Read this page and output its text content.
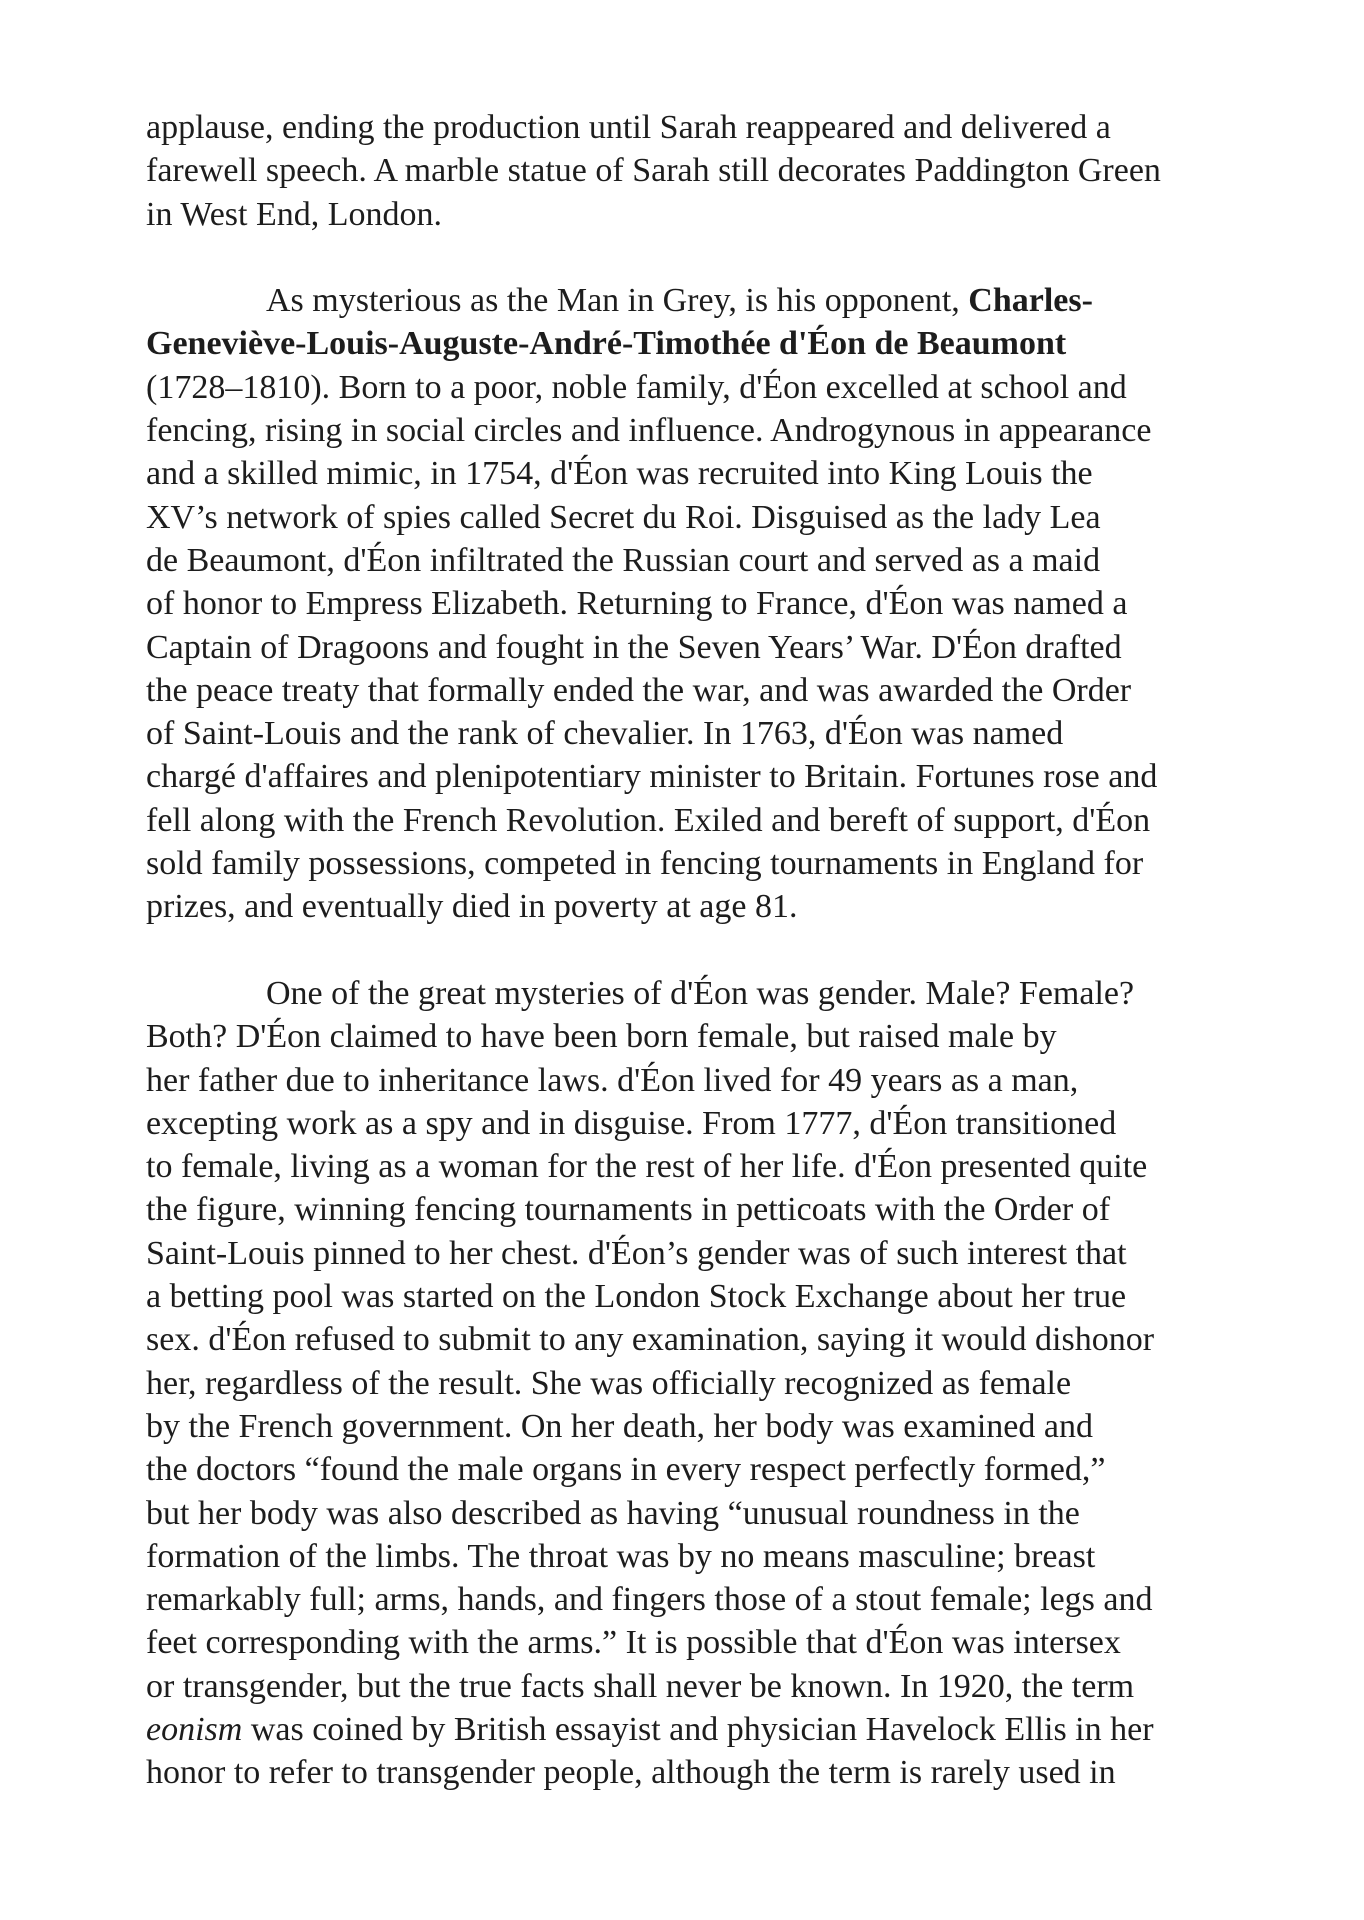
applause, ending the production until Sarah reappeared and delivered a
farewell speech. A marble statue of Sarah still decorates Paddington Green
in West End, London.
As mysterious as the Man in Grey, is his opponent, Charles-
Geneviève-Louis-Auguste-André-Timothée d'Éon de Beaumont
(1728–1810). Born to a poor, noble family, d'Éon excelled at school and
fencing, rising in social circles and influence. Androgynous in appearance
and a skilled mimic, in 1754, d'Éon was recruited into King Louis the
XV’s network of spies called Secret du Roi. Disguised as the lady Lea
de Beaumont, d'Éon infiltrated the Russian court and served as a maid
of honor to Empress Elizabeth. Returning to France, d'Éon was named a
Captain of Dragoons and fought in the Seven Years’ War. D'Éon drafted
the peace treaty that formally ended the war, and was awarded the Order
of Saint-Louis and the rank of chevalier. In 1763, d'Éon was named
chargé d'affaires and plenipotentiary minister to Britain. Fortunes rose and
fell along with the French Revolution. Exiled and bereft of support, d'Éon
sold family possessions, competed in fencing tournaments in England for
prizes, and eventually died in poverty at age 81.
One of the great mysteries of d'Éon was gender. Male? Female?
Both? D'Éon claimed to have been born female, but raised male by
her father due to inheritance laws. d'Éon lived for 49 years as a man,
excepting work as a spy and in disguise. From 1777, d'Éon transitioned
to female, living as a woman for the rest of her life. d'Éon presented quite
the figure, winning fencing tournaments in petticoats with the Order of
Saint-Louis pinned to her chest. d'Éon’s gender was of such interest that
a betting pool was started on the London Stock Exchange about her true
sex. d'Éon refused to submit to any examination, saying it would dishonor
her, regardless of the result. She was officially recognized as female
by the French government. On her death, her body was examined and
the doctors “found the male organs in every respect perfectly formed,”
but her body was also described as having “unusual roundness in the
formation of the limbs. The throat was by no means masculine; breast
remarkably full; arms, hands, and fingers those of a stout female; legs and
feet corresponding with the arms.” It is possible that d'Éon was intersex
or transgender, but the true facts shall never be known. In 1920, the term
eonism was coined by British essayist and physician Havelock Ellis in her
honor to refer to transgender people, although the term is rarely used in
